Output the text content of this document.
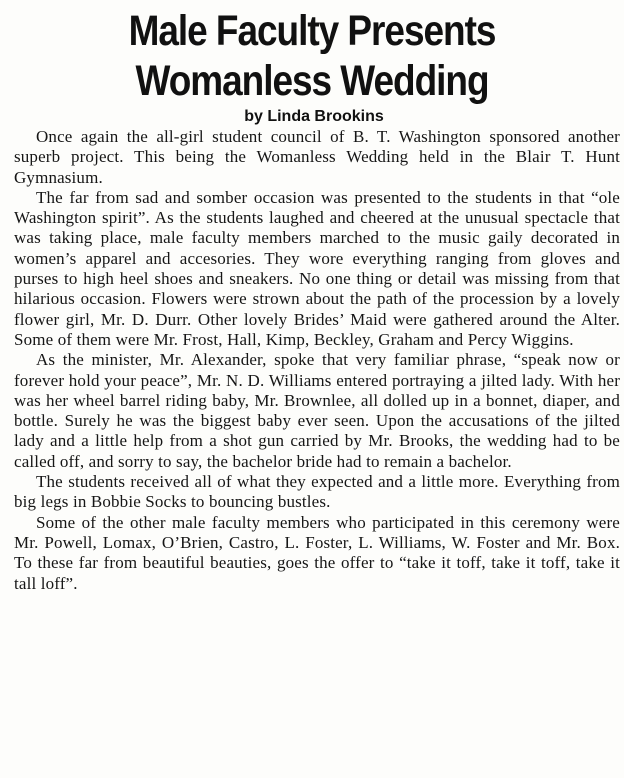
Male Faculty Presents
Womanless Wedding
by Linda Brookins

Once again the all-girl student council of B. T. Washington sponsored another superb project. This being the Womanless Wedding held in the Blair T. Hunt Gymnasium.

The far from sad and somber occasion was presented to the students in that “ole Washington spirit”. As the students laughed and cheered at the unusual spectacle that was taking place, male faculty members marched to the music gaily decorated in women’s apparel and accesories. They wore everything ranging from gloves and purses to high heel shoes and sneakers. No one thing or detail was missing from that hilarious occasion. Flowers were strown about the path of the procession by a lovely flower girl, Mr. D. Durr. Other lovely Brides’ Maid were gathered around the Alter. Some of them were Mr. Frost, Hall, Kimp, Beckley, Graham and Percy Wiggins.

As the minister, Mr. Alexander, spoke that very familiar phrase, “speak now or forever hold your peace”, Mr. N. D. Williams entered portraying a jilted lady. With her was her wheel barrel riding baby, Mr. Brownlee, all dolled up in a bonnet, diaper, and bottle. Surely he was the biggest baby ever seen. Upon the accusations of the jilted lady and a little help from a shot gun carried by Mr. Brooks, the wedding had to be called off, and sorry to say, the bachelor bride had to remain a bachelor.

The students received all of what they expected and a little more. Everything from big legs in Bobbie Socks to bouncing bustles.

Some of the other male faculty members who participated in this ceremony were Mr. Powell, Lomax, O’Brien, Castro, L. Foster, L. Williams, W. Foster and Mr. Box. To these far from beautiful beauties, goes the offer to “take it toff, take it toff, take it tall loff”.
